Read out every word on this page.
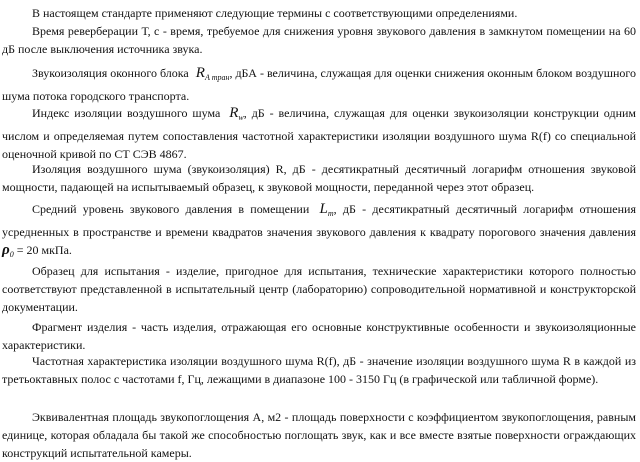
В настоящем стандарте применяют следующие термины с соответствующими определениями.

Время реверберации Т, с - время, требуемое для снижения уровня звукового давления в замкнутом помещении на 60 дБ после выключения источника звука.

Звукоизоляция оконного блока $R_{A тран}$, дБА - величина, служащая для оценки снижения оконным блоком воздушного шума потока городского транспорта.

Индекс изоляции воздушного шума $R_w$, дБ - величина, служащая для оценки звукоизоляции конструкции одним числом и определяемая путем сопоставления частотной характеристики изоляции воздушного шума R(f) со специальной оценочной кривой по СТ СЭВ 4867.

Изоляция воздушного шума (звукоизоляция) R, дБ - десятикратный десятичный логарифм отношения звуковой мощности, падающей на испытываемый образец, к звуковой мощности, переданной через этот образец.

Средний уровень звукового давления в помещении $L_m$, дБ - десятикратный десятичный логарифм отношения усредненных в пространстве и времени квадратов значения звукового давления к квадрату порогового значения давления $\rho_0 = 20$ мкПа.

Образец для испытания - изделие, пригодное для испытания, технические характеристики которого полностью соответствуют представленной в испытательный центр (лабораторию) сопроводительной нормативной и конструкторской документации.

Фрагмент изделия - часть изделия, отражающая его основные конструктивные особенности и звукоизоляционные характеристики.

Частотная характеристика изоляции воздушного шума R(f), дБ - значение изоляции воздушного шума R в каждой из третьоктавных полос с частотами f, Гц, лежащими в диапазоне 100 - 3150 Гц (в графической или табличной форме).

Эквивалентная площадь звукопоглощения А, м2 - площадь поверхности с коэффициентом звукопоглощения, равным единице, которая обладала бы такой же способностью поглощать звук, как и все вместе взятые поверхности ограждающих конструкций испытательной камеры.
